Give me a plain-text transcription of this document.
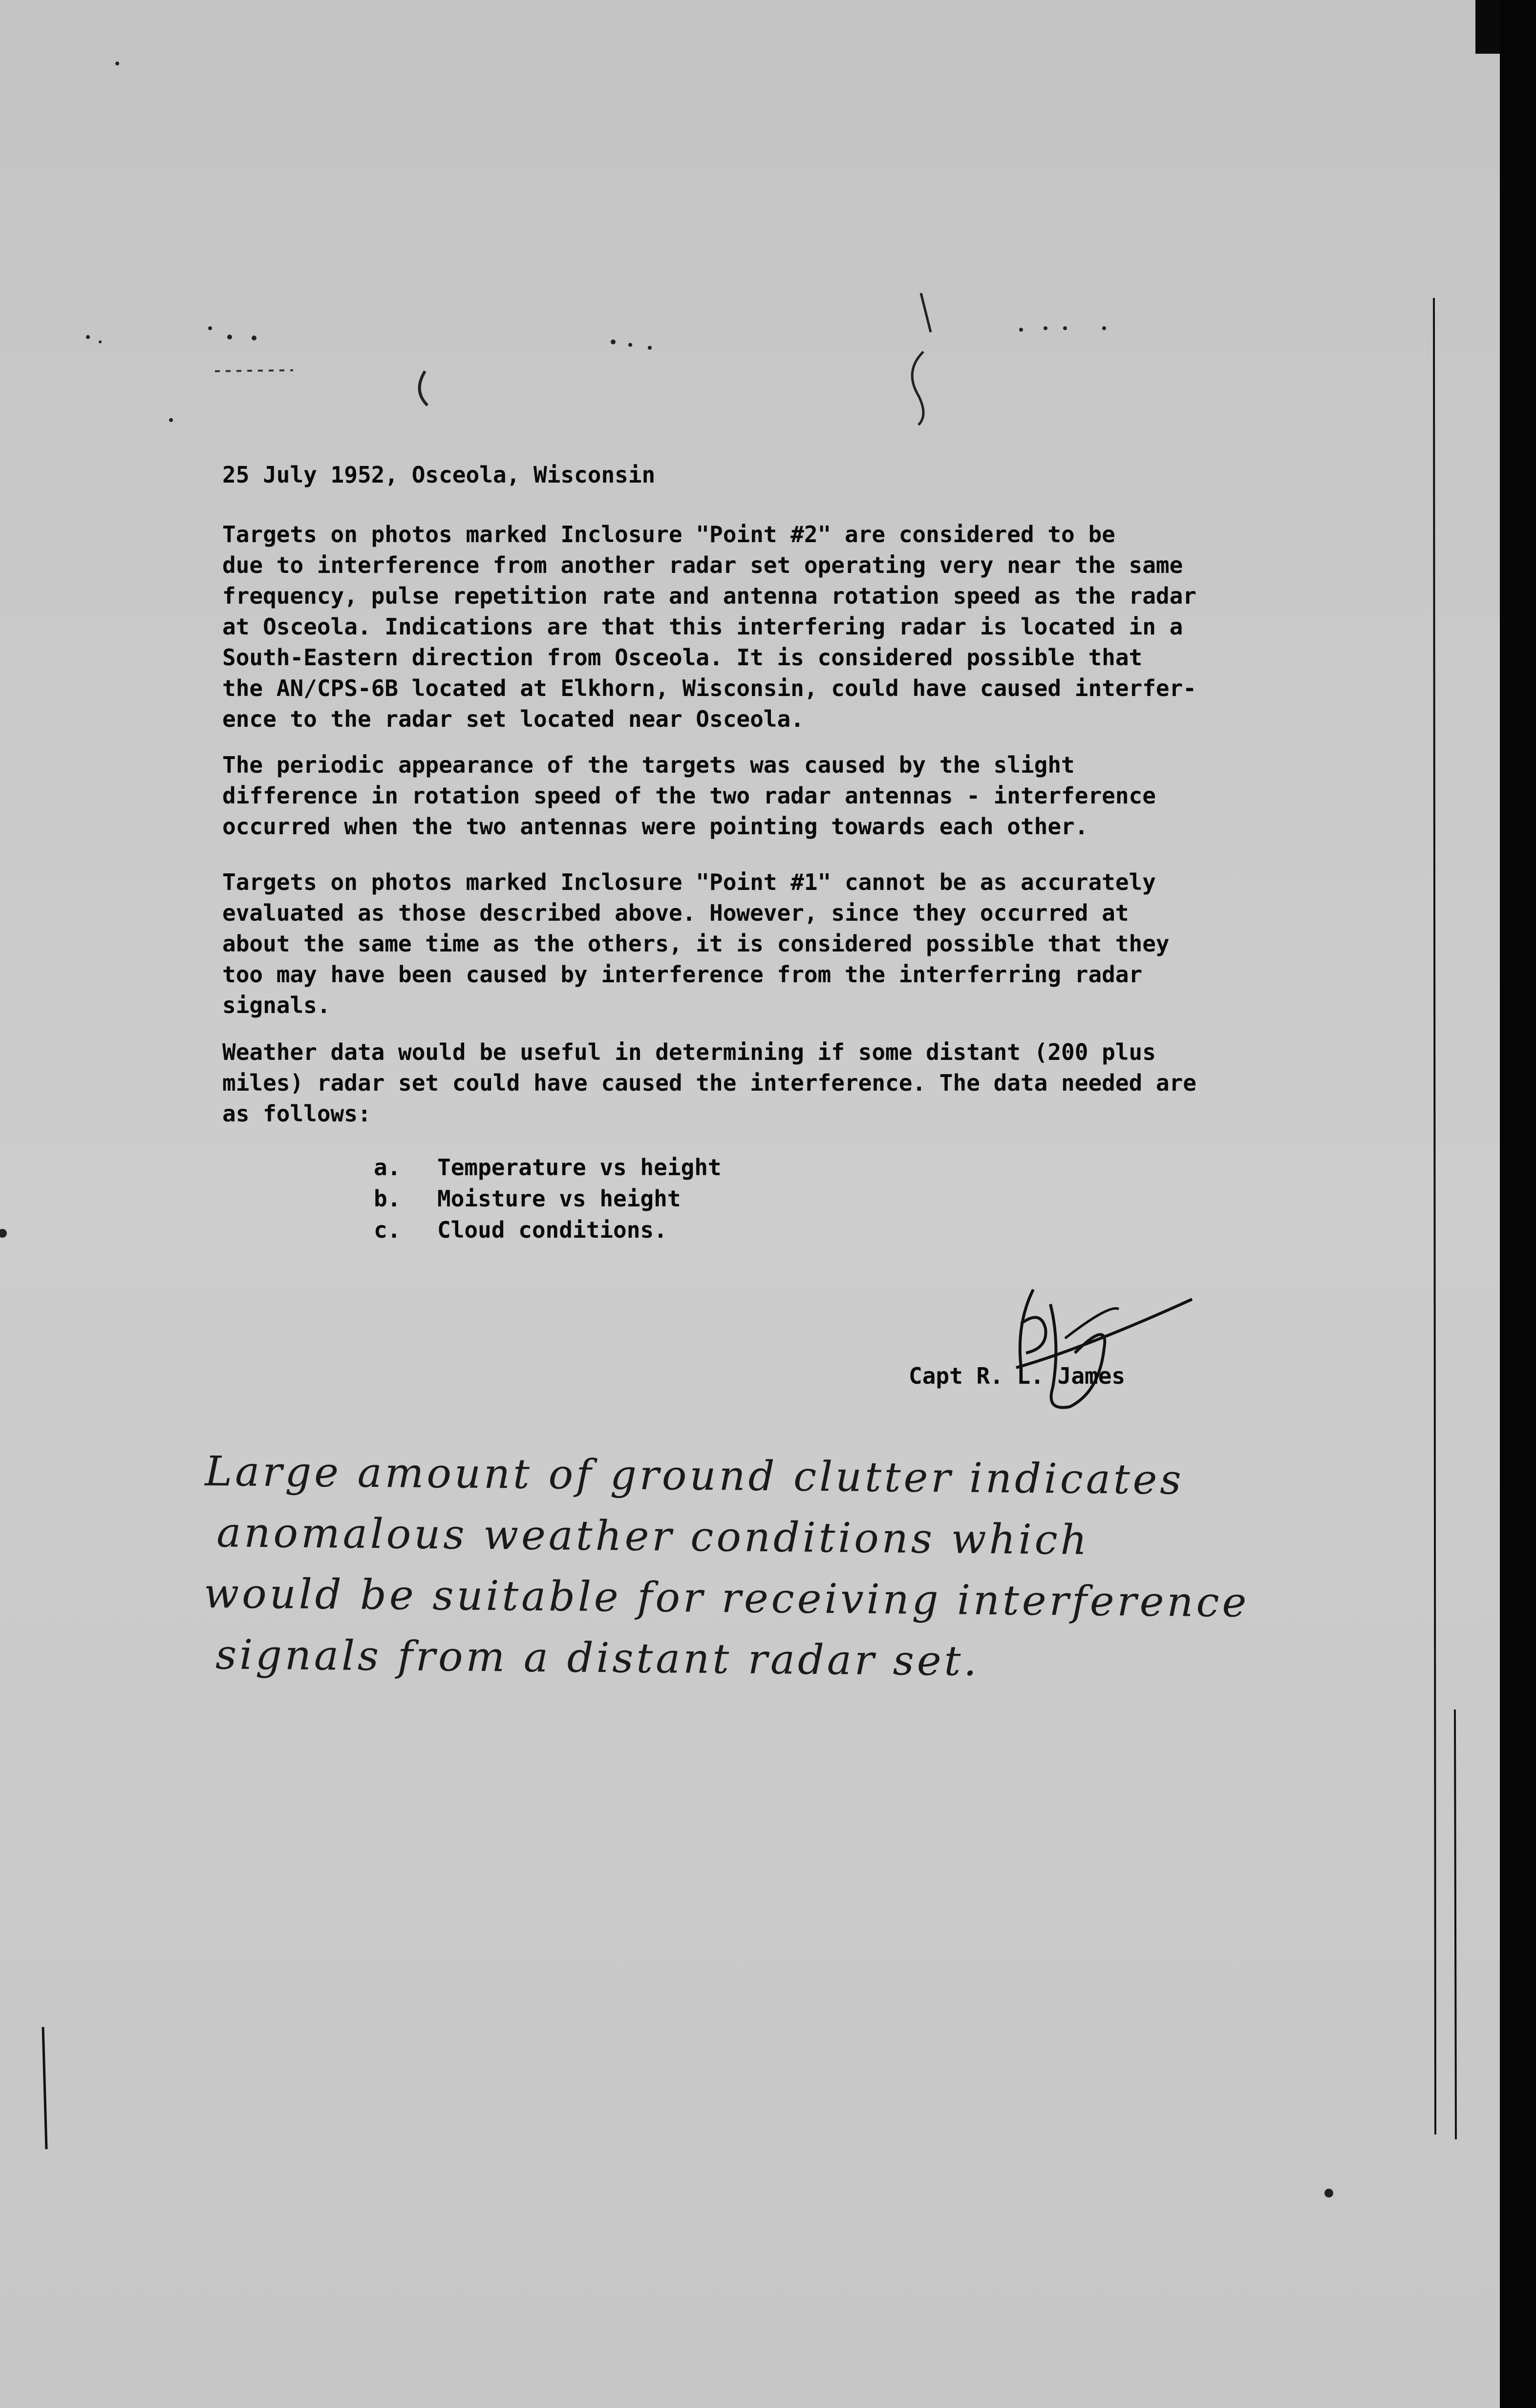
25 July 1952, Osceola, Wisconsin

Targets on photos marked Inclosure "Point #2" are considered to be
due to interference from another radar set operating very near the same
frequency, pulse repetition rate and antenna rotation speed as the radar
at Osceola. Indications are that this interfering radar is located in a
South-Eastern direction from Osceola. It is considered possible that
the AN/CPS-6B located at Elkhorn, Wisconsin, could have caused interfer-
ence to the radar set located near Osceola.

The periodic appearance of the targets was caused by the slight
difference in rotation speed of the two radar antennas - interference
occurred when the two antennas were pointing towards each other.

Targets on photos marked Inclosure "Point #1" cannot be as accurately
evaluated as those described above. However, since they occurred at
about the same time as the others, it is considered possible that they
too may have been caused by interference from the interferring radar
signals.

Weather data would be useful in determining if some distant (200 plus
miles) radar set could have caused the interference. The data needed are
as follows:

a. Temperature vs height
b. Moisture vs height
c. Cloud conditions.
Capt R. L. James
Large amount of ground clutter indicates
anomalous weather conditions which
would be suitable for receiving interference
signals from a distant radar set.
